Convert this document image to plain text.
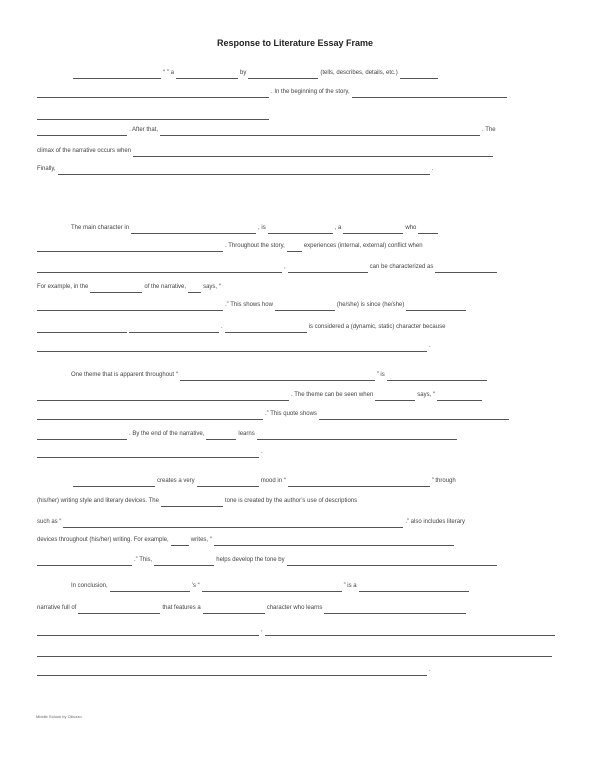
Response to Literature Essay Frame
“ ” a	by	(tells, describes, details, etc.)
. In the beginning of the story,
. After that,	. The
climax of the narrative occurs when
Finally,	.
The main character in	, is	, a	who
. Throughout the story,	experiences (internal, external) conflict when
,	can be characterized as
For example, in the	of the narrative,	says, “
.” This shows how	(he/she) is since (he/she)
.	is considered a (dynamic, static) character because
.
One theme that is apparent throughout “	” is
. The theme can be seen when	says, “
.” This quote shows
. By the end of the narrative,	learns
.
creates a very	mood in “	” through
(his/her) writing style and literary devices. The	tone is created by the author’s use of descriptions
such as “	.” also includes literary
devices throughout (his/her) writing. For example,	writes, “
.” This,	helps develop the tone by
In conclusion,	’s “	” is a
narrative full of	that features a	character who learns
,
.
Middle School by Ciliuzzo
